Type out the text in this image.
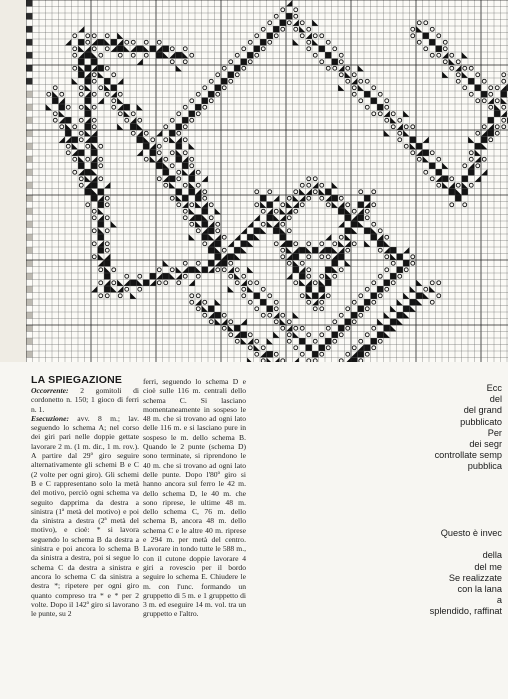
LA SPIEGAZIONE

Occorrente: 2 gomitoli di cordonetto n. 150; 1 gioco di ferri n. 1.

Esecuzione: avv. 8 m.; lav. seguendo lo schema A; nel corso dei giri pari nelle doppie gettate lavorare 2 m. (1 m. dir., 1 m. rov.). A partire dal 29º giro seguire alternativamente gli schemi B e C (2 volte per ogni giro). Gli schemi B e C rappresentano solo la metà del motivo, perciò ogni schema va seguito dapprima da destra a sinistra (1ª metà del motivo) e poi da sinistra a destra (2ª metà del motivo), e cioè: * si lavora seguendo lo schema B da destra a sinistra e poi ancora lo schema B da sinistra a destra, poi si segue lo schema C da destra a sinistra e ancora lo schema C da sinistra a destra *; ripetere per ogni giro quanto compreso tra * e * per 2 volte. Dopo il 142º giro si lavorano le punte, su 2

ferri, seguendo lo schema D e cioè sulle 116 m. centrali dello schema C. Si lasciano momentaneamente in sospeso le 48 m. che si trovano ad ogni lato delle 116 m. e si lasciano pure in sospeso le m. dello schema B. Quando le 2 punte (schema D) sono terminate, si riprendono le 40 m. che si trovano ad ogni lato delle punte. Dopo l'80º giro si hanno ancora sul ferro le 42 m. dello schema D, le 40 m. che sono riprese, le ultime 48 m. dello schema C, 76 m. dello schema B, ancora 48 m. dello schema C e le altre 40 m. riprese e 294 m. per metà del centro. Lavorare in tondo tutte le 588 m., con il cutone doppie lavorare 4 giri a rovescio per il bordo seguire lo schema E. Chiudere le m. con l'unc. formando un gruppetto di 5 m. e 1 gruppetto di 3 m. ed eseguire 14 m. vol. tra un gruppetto e l'altro.

Ecc
del
del grand
pubblicato
Per
dei segr
controllate semp
pubblica
Questo è invec

della
del me
Se realizzate
con la lana
a
splendido, raffinat
